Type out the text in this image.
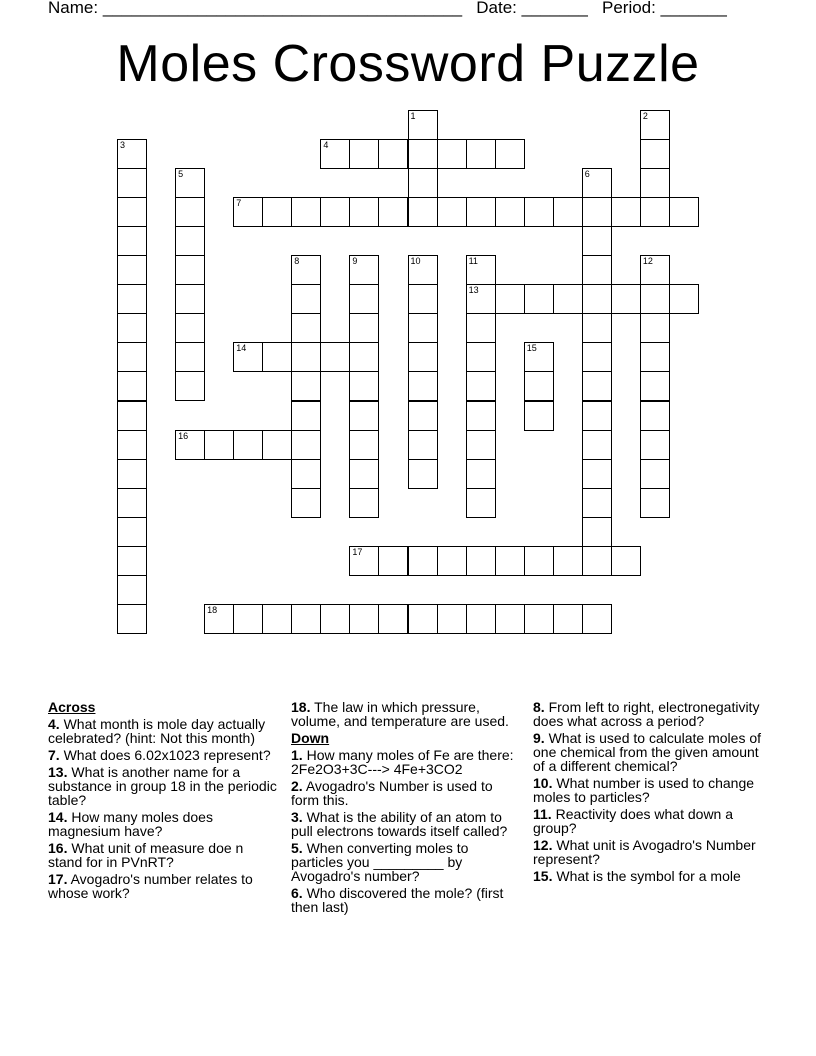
Name: ______________________________________ Date: _______ Period: _______
Moles Crossword Puzzle
1	2
3	4
5	6
7
8	9	10	11
13
12
14	15
16
17
18
Across
4. What month is mole day actually celebrated? (hint: Not this month)
7. What does 6.02x1023 represent?
13. What is another name for a substance in group 18 in the periodic table?
14. How many moles does magnesium have?
16. What unit of measure doe n stand for in PVnRT?
17. Avogadro's number relates to whose work?
18. The law in which pressure, volume, and temperature are used.
Down
1. How many moles of Fe are there: 2Fe2O3+3C---> 4Fe+3CO2
2. Avogadro's Number is used to form this.
3. What is the ability of an atom to pull electrons towards itself called?
5. When converting moles to particles you _________ by Avogadro's number?
6. Who discovered the mole? (first then last)
8. From left to right, electronegativity does what across a period?
9. What is used to calculate moles of one chemical from the given amount of a different chemical?
10. What number is used to change moles to particles?
11. Reactivity does what down a group?
12. What unit is Avogadro's Number represent?
15. What is the symbol for a mole
